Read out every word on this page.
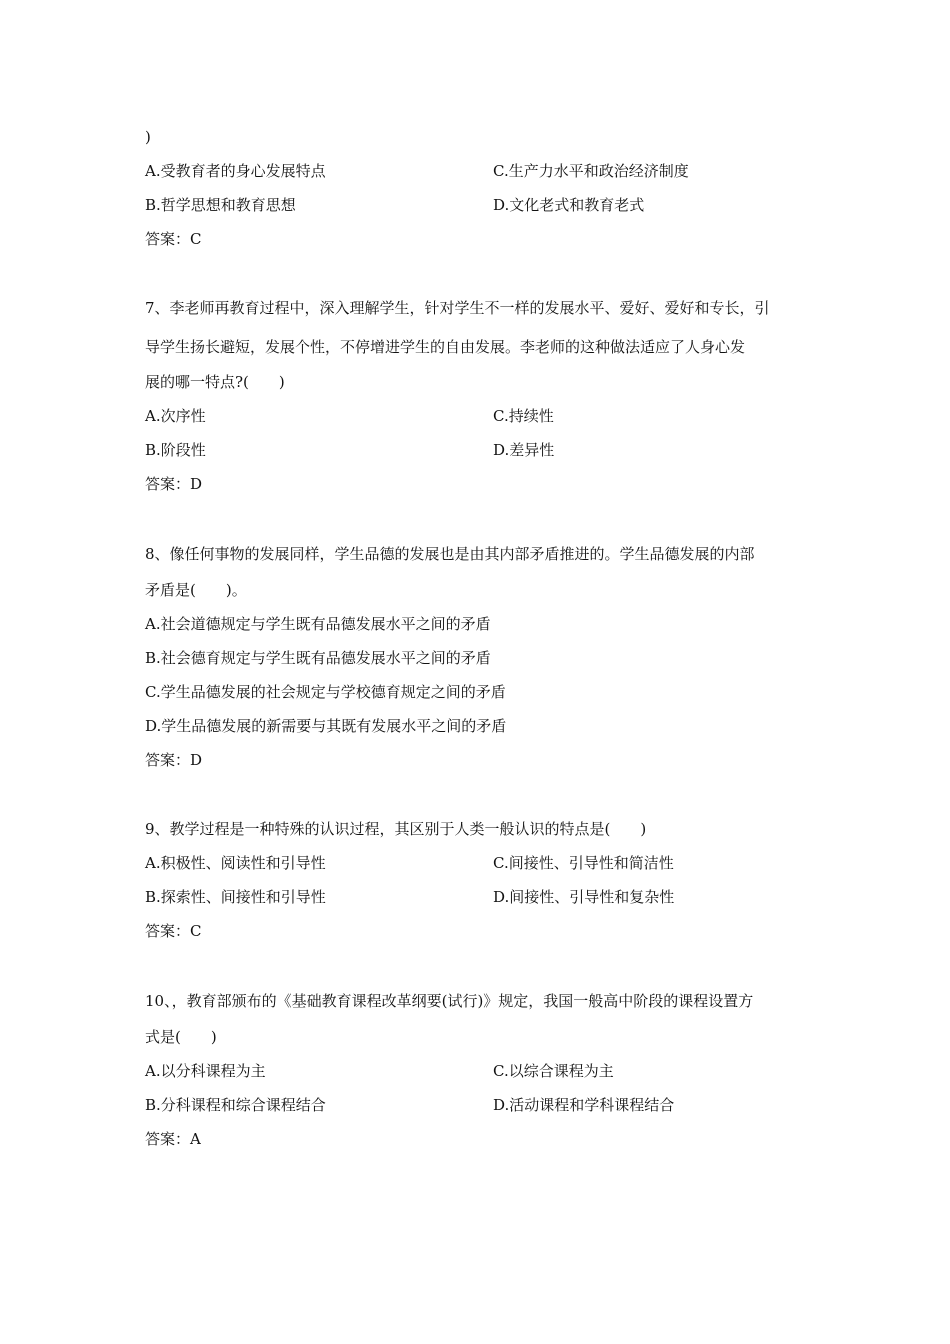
)
A.受教育者的身心发展特点	C.生产力水平和政治经济制度
B.哲学思想和教育思想	D.文化老式和教育老式
答案：C
7、李老师再教育过程中，深入理解学生，针对学生不一样的发展水平、爱好、爱好和专长，引
导学生扬长避短，发展个性，不停增进学生的自由发展。李老师的这种做法适应了人身心发
展的哪一特点?(　　)
A.次序性	C.持续性
B.阶段性	D.差异性
答案：D
8、像任何事物的发展同样，学生品德的发展也是由其内部矛盾推进的。学生品德发展的内部
矛盾是(　　)。
A.社会道德规定与学生既有品德发展水平之间的矛盾
B.社会德育规定与学生既有品德发展水平之间的矛盾
C.学生品德发展的社会规定与学校德育规定之间的矛盾
D.学生品德发展的新需要与其既有发展水平之间的矛盾
答案：D
9、教学过程是一种特殊的认识过程，其区别于人类一般认识的特点是(　　)
A.积极性、阅读性和引导性	C.间接性、引导性和简洁性
B.探索性、间接性和引导性	D.间接性、引导性和复杂性
答案：C
10、，教育部颁布的《基础教育课程改革纲要(试行)》规定，我国一般高中阶段的课程设置方
式是(　　)
A.以分科课程为主	C.以综合课程为主
B.分科课程和综合课程结合	D.活动课程和学科课程结合
答案：A
